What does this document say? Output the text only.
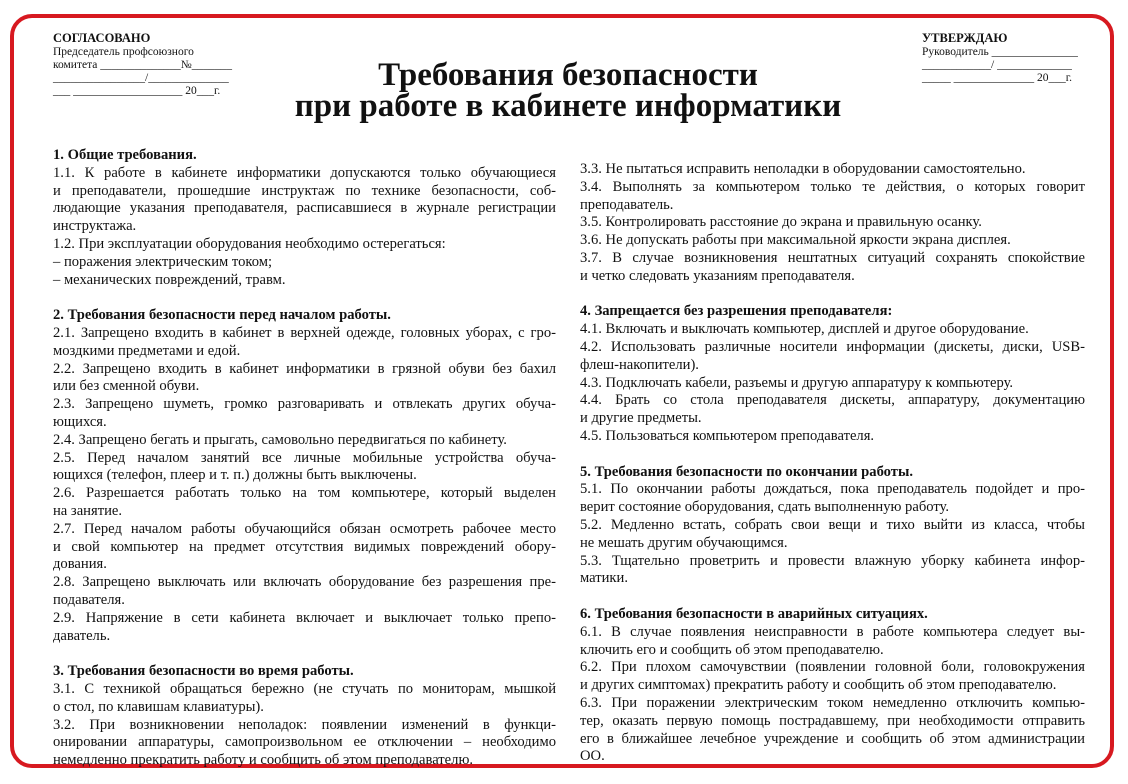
СОГЛАСОВАНО
Председатель профсоюзного
комитета ______________№_______
________________/______________
___ ___________________ 20___г.
УТВЕРЖДАЮ
Руководитель _______________
____________/ _____________
_____ ______________ 20___г.
Требования безопасности
при работе в кабинете информатики
1. Общие требования.
1.1. К работе в кабинете информатики допускаются только обучающиеся
и преподаватели, прошедшие инструктаж по технике безопасности, соб-
людающие указания преподавателя, расписавшиеся в журнале регистрации
инструктажа.
1.2. При эксплуатации оборудования необходимо остерегаться:
– поражения электрическим током;
– механических повреждений, травм.
2. Требования безопасности перед началом работы.
2.1. Запрещено входить в кабинет в верхней одежде, головных уборах, с гро-
моздкими предметами и едой.
2.2. Запрещено входить в кабинет информатики в грязной обуви без бахил
или без сменной обуви.
2.3. Запрещено шуметь, громко разговаривать и отвлекать других обуча-
ющихся.
2.4. Запрещено бегать и прыгать, самовольно передвигаться по кабинету.
2.5. Перед началом занятий все личные мобильные устройства обуча-
ющихся (телефон, плеер и т. п.) должны быть выключены.
2.6. Разрешается работать только на том компьютере, который выделен
на занятие.
2.7. Перед началом работы обучающийся обязан осмотреть рабочее место
и свой компьютер на предмет отсутствия видимых повреждений обору-
дования.
2.8. Запрещено выключать или включать оборудование без разрешения пре-
подавателя.
2.9. Напряжение в сети кабинета включает и выключает только препо-
даватель.
3. Требования безопасности во время работы.
3.1. С техникой обращаться бережно (не стучать по мониторам, мышкой
о стол, по клавишам клавиатуры).
3.2. При возникновении неполадок: появлении изменений в функци-
онировании аппаратуры, самопроизвольном ее отключении – необходимо
немедленно прекратить работу и сообщить об этом преподавателю.
3.3. Не пытаться исправить неполадки в оборудовании самостоятельно.
3.4. Выполнять за компьютером только те действия, о которых говорит
преподаватель.
3.5. Контролировать расстояние до экрана и правильную осанку.
3.6. Не допускать работы при максимальной яркости экрана дисплея.
3.7. В случае возникновения нештатных ситуаций сохранять спокойствие
и четко следовать указаниям преподавателя.
4. Запрещается без разрешения преподавателя:
4.1. Включать и выключать компьютер, дисплей и другое оборудование.
4.2. Использовать различные носители информации (дискеты, диски, USB-
флеш-накопители).
4.3. Подключать кабели, разъемы и другую аппаратуру к компьютеру.
4.4. Брать со стола преподавателя дискеты, аппаратуру, документацию
и другие предметы.
4.5. Пользоваться компьютером преподавателя.
5. Требования безопасности по окончании работы.
5.1. По окончании работы дождаться, пока преподаватель подойдет и про-
верит состояние оборудования, сдать выполненную работу.
5.2. Медленно встать, собрать свои вещи и тихо выйти из класса, чтобы
не мешать другим обучающимся.
5.3. Тщательно проветрить и провести влажную уборку кабинета инфор-
матики.
6. Требования безопасности в аварийных ситуациях.
6.1. В случае появления неисправности в работе компьютера следует вы-
ключить его и сообщить об этом преподавателю.
6.2. При плохом самочувствии (появлении головной боли, головокружения
и других симптомах) прекратить работу и сообщить об этом преподавателю.
6.3. При поражении электрическим током немедленно отключить компью-
тер, оказать первую помощь пострадавшему, при необходимости отправить
его в ближайшее лечебное учреждение и сообщить об этом администрации
ОО.
